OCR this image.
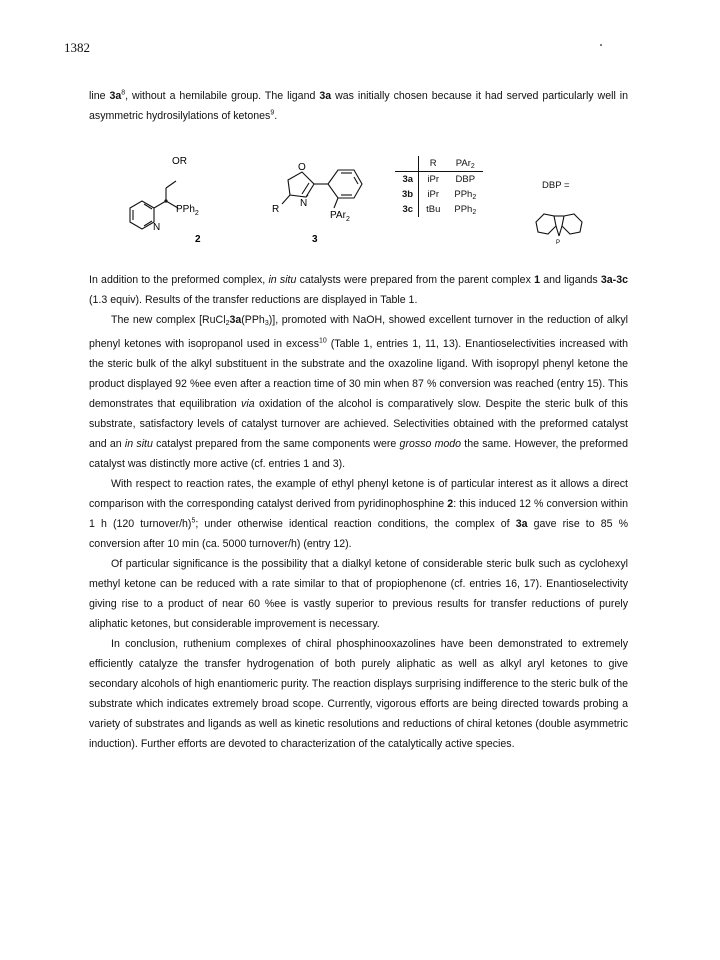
1382

line $3a^8$, without a hemilabile group. The ligand 3a was initially chosen because it had served particularly well in asymmetric hydrosilylations of ketones$^9$.

OR
PPh$_2$
N
2
O
N
R
PAr$_2$
3	P
	R	PAr$_2$
3a	iPr	DBP
3b	iPr	PPh$_2$
3c	tBu	PPh$_2$
DBP =

In addition to the preformed complex, in situ catalysts were prepared from the parent complex 1 and ligands 3a-3c (1.3 equiv). Results of the transfer reductions are displayed in Table 1.

The new complex [RuCl$_2$3a(PPh$_3$)], promoted with NaOH, showed excellent turnover in the reduction of alkyl phenyl ketones with isopropanol used in excess$^{10}$ (Table 1, entries 1, 11, 13). Enantioselectivities increased with the steric bulk of the alkyl substituent in the substrate and the oxazoline ligand. With isopropyl phenyl ketone the product displayed 92 %ee even after a reaction time of 30 min when 87 % conversion was reached (entry 15). This demonstrates that equilibration via oxidation of the alcohol is comparatively slow. Despite the steric bulk of this substrate, satisfactory levels of catalyst turnover are achieved. Selectivities obtained with the preformed catalyst and an in situ catalyst prepared from the same components were grosso modo the same. However, the preformed catalyst was distinctly more active (cf. entries 1 and 3).

With respect to reaction rates, the example of ethyl phenyl ketone is of particular interest as it allows a direct comparison with the corresponding catalyst derived from pyridinophosphine 2: this induced 12 % conversion within 1 h (120 turnover/h)$^5$; under otherwise identical reaction conditions, the complex of 3a gave rise to 85 % conversion after 10 min (ca. 5000 turnover/h) (entry 12).

Of particular significance is the possibility that a dialkyl ketone of considerable steric bulk such as cyclohexyl methyl ketone can be reduced with a rate similar to that of propiophenone (cf. entries 16, 17). Enantioselectivity giving rise to a product of near 60 %ee is vastly superior to previous results for transfer reductions of purely aliphatic ketones, but considerable improvement is necessary.

In conclusion, ruthenium complexes of chiral phosphinooxazolines have been demonstrated to extremely efficiently catalyze the transfer hydrogenation of both purely aliphatic as well as alkyl aryl ketones to give secondary alcohols of high enantiomeric purity. The reaction displays surprising indifference to the steric bulk of the substrate which indicates extremely broad scope. Currently, vigorous efforts are being directed towards probing a variety of substrates and ligands as well as kinetic resolutions and reductions of chiral ketones (double asymmetric induction). Further efforts are devoted to characterization of the catalytically active species.
